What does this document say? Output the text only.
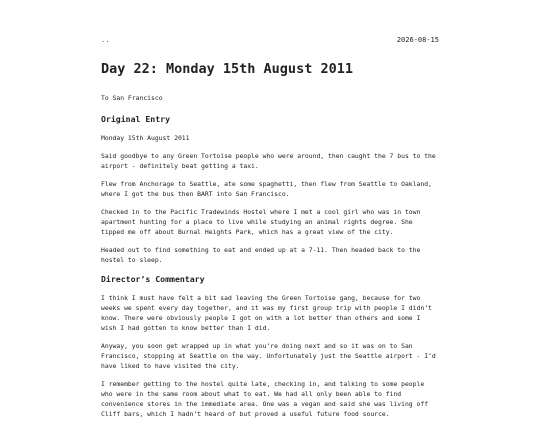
..	2026-08-15
Day 22: Monday 15th August 2011

To San Francisco

Original Entry

Monday 15th August 2011

Said goodbye to any Green Tortoise people who were around, then caught the 7 bus to the airport - definitely beat getting a taxi.

Flew from Anchorage to Seattle, ate some spaghetti, then flew from Seattle to Oakland, where I got the bus then BART into San Francisco.

Checked in to the Pacific Tradewinds Hostel where I met a cool girl who was in town apartment hunting for a place to live while studying an animal rights degree. She tipped me off about Burnal Heights Park, which has a great view of the city.

Headed out to find something to eat and ended up at a 7-11. Then headed back to the hostel to sleep.

Director’s Commentary

I think I must have felt a bit sad leaving the Green Tortoise gang, because for two weeks we spent every day together, and it was my first group trip with people I didn’t know. There were obviously people I got on with a lot better than others and some I wish I had gotten to know better than I did.

Anyway, you soon get wrapped up in what you’re doing next and so it was on to San Francisco, stopping at Seattle on the way. Unfortunately just the Seattle airport - I’d have liked to have visited the city.

I remember getting to the hostel quite late, checking in, and talking to some people who were in the same room about what to eat. We had all only been able to find convenience stores in the immediate area. One was a vegan and said she was living off Cliff bars, which I hadn’t heard of but proved a useful future food source.
